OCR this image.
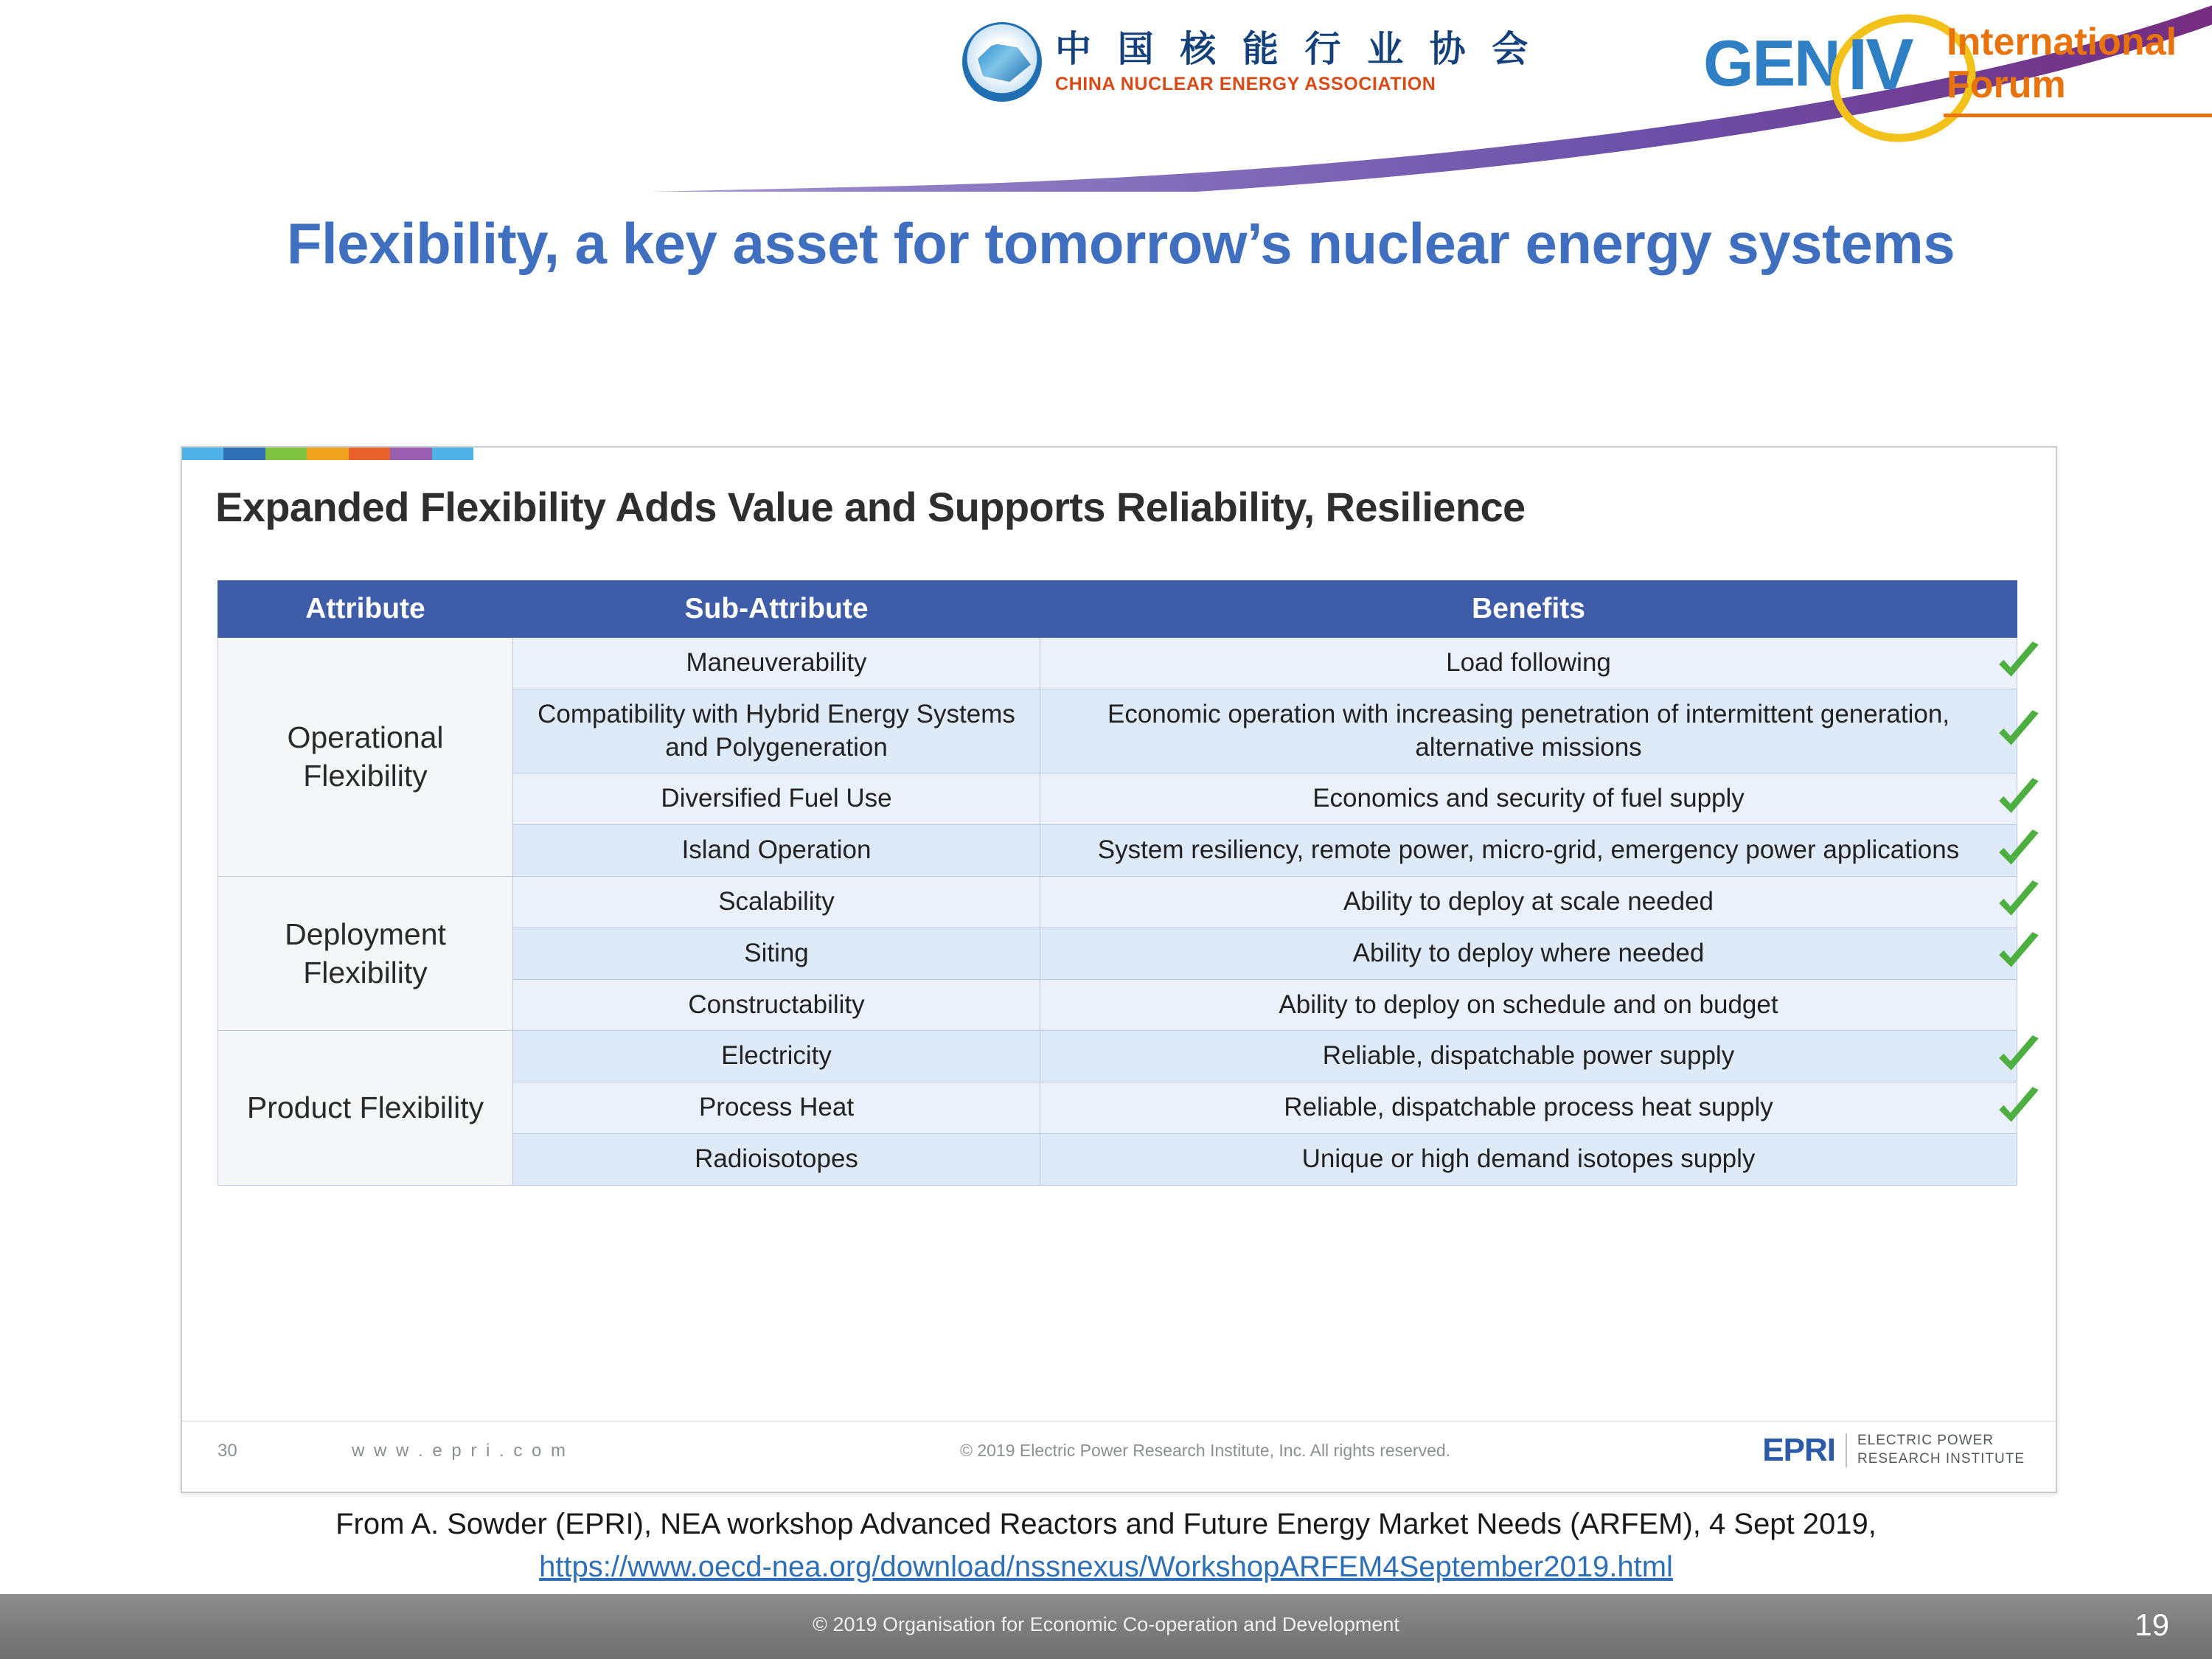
中 国 核 能 行 业 协 会
CHINA NUCLEAR ENERGY ASSOCIATION	GEN IV International
Forum
Flexibility, a key asset for tomorrow’s nuclear energy systems
Expanded Flexibility Adds Value and Supports Reliability, Resilience
Attribute	Sub-Attribute	Benefits
Operational Flexibility	Maneuverability	Load following

	Compatibility with Hybrid Energy Systems and Polygeneration	Economic operation with increasing penetration of intermittent generation, alternative missions

	Diversified Fuel Use	Economics and security of fuel supply

	Island Operation	System resiliency, remote power, micro-grid, emergency power applications

Deployment Flexibility	Scalability	Ability to deploy at scale needed

	Siting	Ability to deploy where needed

	Constructability	Ability to deploy on schedule and on budget
Product Flexibility	Electricity	Reliable, dispatchable power supply

	Process Heat	Reliable, dispatchable process heat supply

	Radioisotopes	Unique or high demand isotopes supply
30	w w w . e p r i . c o m	© 2019 Electric Power Research Institute, Inc. All rights reserved.	EPRI ELECTRIC POWER
RESEARCH INSTITUTE
From A. Sowder (EPRI), NEA workshop Advanced Reactors and Future Energy Market Needs (ARFEM), 4 Sept 2019,
https://www.oecd-nea.org/download/nssnexus/WorkshopARFEM4September2019.html
© 2019 Organisation for Economic Co-operation and Development	19
